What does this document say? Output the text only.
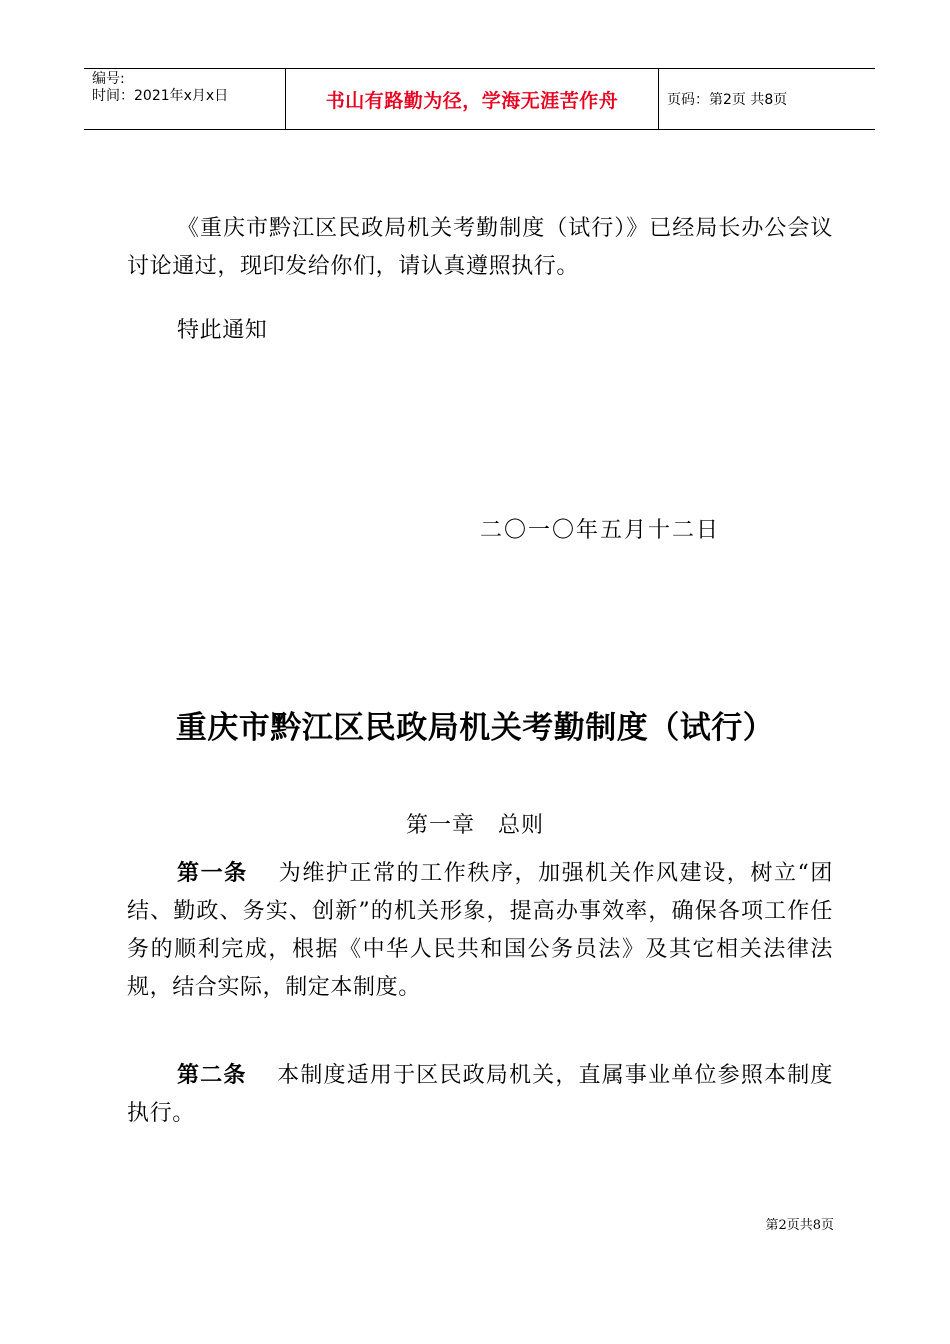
编号:
时间：2021年x月x日	书山有路勤为径，学海无涯苦作舟	页码：第2页 共8页

《重庆市黔江区民政局机关考勤制度（试行）》已经局长办公会议讨论通过，现印发给你们，请认真遵照执行。

特此通知

二〇一〇年五月十二日
重庆市黔江区民政局机关考勤制度（试行）
第一章　总则

第一条 为维护正常的工作秩序，加强机关作风建设，树立“团结、勤政、务实、创新”的机关形象，提高办事效率，确保各项工作任务的顺利完成，根据《中华人民共和国公务员法》及其它相关法律法规，结合实际，制定本制度。

第二条 本制度适用于区民政局机关，直属事业单位参照本制度执行。

第2页共8页
